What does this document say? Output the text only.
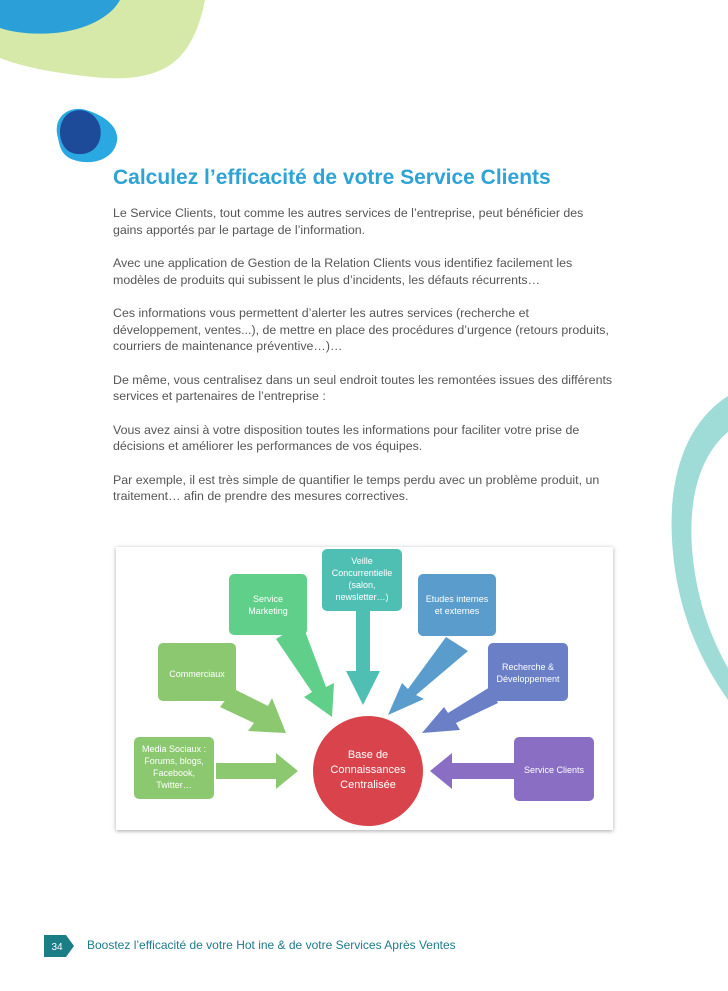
Calculez l’efficacité de votre Service Clients

Le Service Clients, tout comme les autres services de l’entreprise, peut bénéficier des gains apportés par le partage de l’information.

Avec une application de Gestion de la Relation Clients vous identifiez facilement les modèles de produits qui subissent le plus d’incidents, les défauts récurrents…

Ces informations vous permettent d’alerter les autres services (recherche et développement, ventes...), de mettre en place des procédures d’urgence (retours produits, courriers de maintenance préventive…)…

De même, vous centralisez dans un seul endroit toutes les remontées issues des différents services et partenaires de l’entreprise :

Vous avez ainsi à votre disposition toutes les informations pour faciliter votre prise de décisions et améliorer les performances de vos équipes.

Par exemple, il est très simple de quantifier le temps perdu avec un problème produit, un traitement… afin de prendre des mesures correctives.

Base de
Connaissances
Centralisée
Media Sociaux :
Forums, blogs,
Facebook,
Twitter…
Commerciaux
Service
Marketing
Veille
Concurrentielle
(salon,
newsletter…)	Etudes internes
et externes
Recherche &
Développement
Service Clients
34 Boostez l’efficacité de votre Hot ine & de votre Services Après Ventes
